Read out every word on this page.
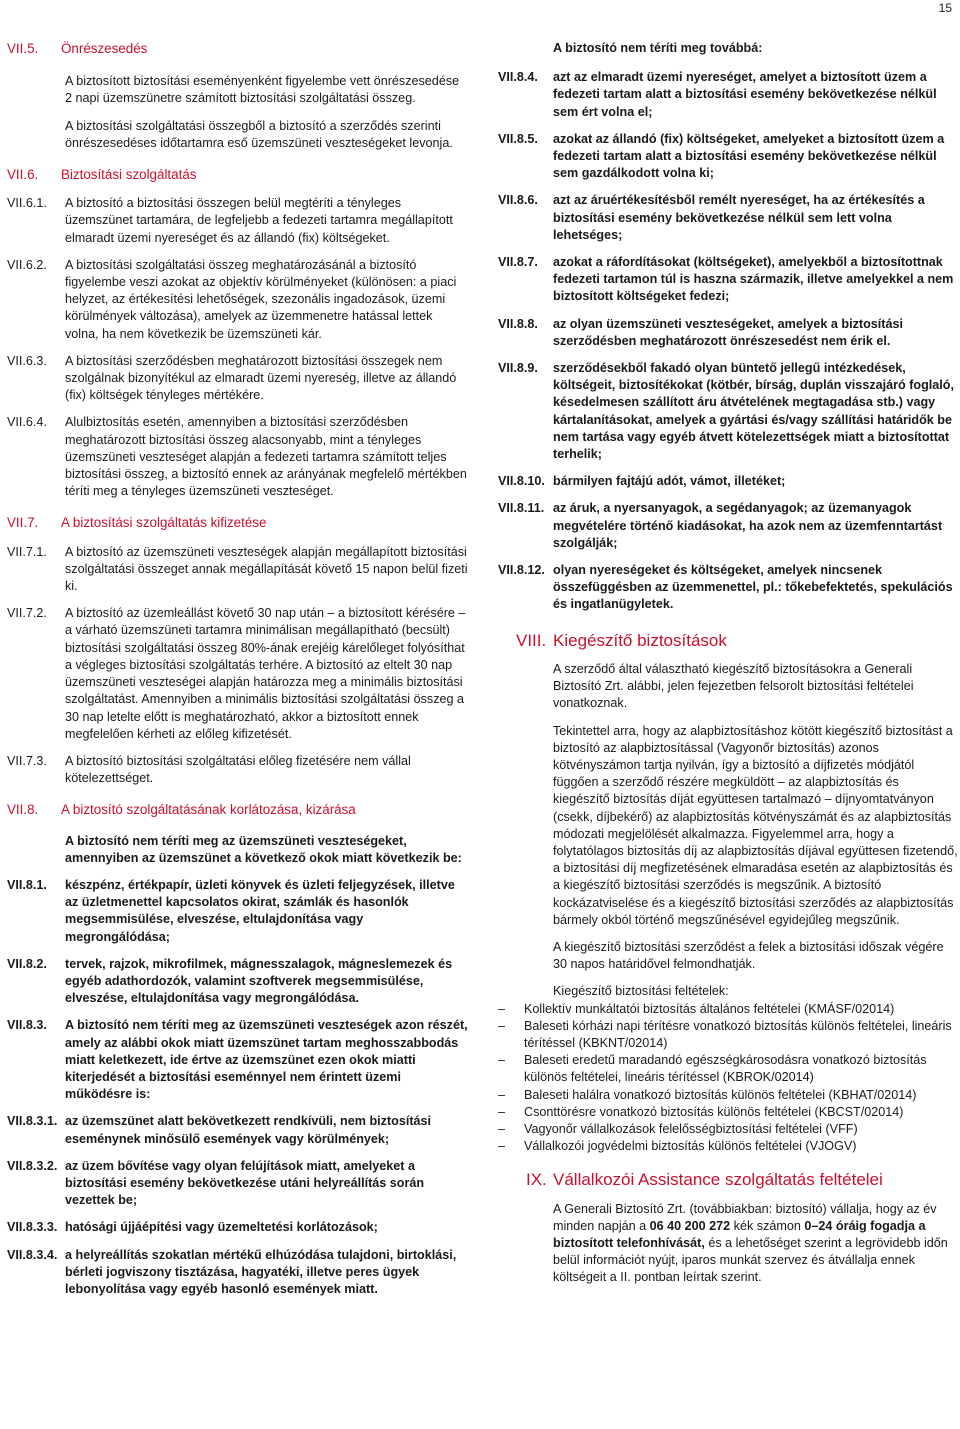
15
VII.5. Önrészesedés

A biztosított biztosítási eseményenként figyelembe vett önrészesedése 2 napi üzemszünetre számított biztosítási szolgáltatási összeg.

A biztosítási szolgáltatási összegből a biztosító a szerződés szerinti önrészesedéses időtartamra eső üzemszüneti veszteségeket levonja.

VII.6. Biztosítási szolgáltatás
VII.6.1.	A biztosító a biztosítási összegen belül megtéríti a tényleges üzemszünet tartamára, de legfeljebb a fedezeti tartamra megállapított elmaradt üzemi nyereséget és az állandó (fix) költségeket.
VII.6.2.	A biztosítási szolgáltatási összeg meghatározásánál a biztosító figyelembe veszi azokat az objektív körülményeket (különösen: a piaci helyzet, az értékesítési lehetőségek, szezonális ingadozások, üzemi körülmények változása), amelyek az üzemmenetre hatással lettek volna, ha nem következik be üzemszüneti kár.
VII.6.3.	A biztosítási szerződésben meghatározott biztosítási összegek nem szolgálnak bizonyítékul az elmaradt üzemi nyereség, illetve az állandó (fix) költségek tényleges mértékére.
VII.6.4.	Alulbiztosítás esetén, amennyiben a biztosítási szerződésben meghatározott biztosítási összeg alacsonyabb, mint a tényleges üzemszüneti veszteséget alapján a fedezeti tartamra számított teljes biztosítási összeg, a biztosító ennek az arányának megfelelő mértékben téríti meg a tényleges üzemszüneti veszteséget.
VII.7. A biztosítási szolgáltatás kifizetése
VII.7.1.	A biztosító az üzemszüneti veszteségek alapján megállapított biztosítási szolgáltatási összeget annak megállapítását követő 15 napon belül fizeti ki.
VII.7.2.	A biztosító az üzemleállást követő 30 nap után – a biztosított kérésére – a várható üzemszüneti tartamra minimálisan megállapítható (becsült) biztosítási szolgáltatási összeg 80%-ának erejéig kárelőleget folyósíthat a végleges biztosítási szolgáltatás terhére. A biztosító az eltelt 30 nap üzemszüneti veszteségei alapján határozza meg a minimális biztosítási szolgáltatást. Amennyiben a minimális biztosítási szolgáltatási összeg a 30 nap letelte előtt is meghatározható, akkor a biztosított ennek megfelelően kérheti az előleg kifizetését.
VII.7.3.	A biztosító biztosítási szolgáltatási előleg fizetésére nem vállal kötelezettséget.
VII.8. A biztosító szolgáltatásának korlátozása, kizárása

A biztosító nem téríti meg az üzemszüneti veszteségeket, amennyiben az üzemszünet a következő okok miatt következik be:

VII.8.1.	készpénz, értékpapír, üzleti könyvek és üzleti feljegyzések, illetve az üzletmenettel kapcsolatos okirat, számlák és hasonlók megsemmisülése, elveszése, eltulajdonítása vagy megrongálódása;
VII.8.2.	tervek, rajzok, mikrofilmek, mágnesszalagok, mágneslemezek és egyéb adathordozók, valamint szoftverek megsemmisülése, elveszése, eltulajdonítása vagy megrongálódása.
VII.8.3.	A biztosító nem téríti meg az üzemszüneti veszteségek azon részét, amely az alábbi okok miatt üzemszünet tartam meghosszabbodás miatt keletkezett, ide értve az üzemszünet ezen okok miatti kiterjedését a biztosítási eseménnyel nem érintett üzemi működésre is:
VII.8.3.1. az üzemszünet alatt bekövetkezett rendkívüli, nem biztosítási eseménynek minősülő események vagy körülmények;
VII.8.3.2. az üzem bővítése vagy olyan felújítások miatt, amelyeket a biztosítási esemény bekövetkezése utáni helyreállítás során vezettek be;
VII.8.3.3. hatósági újjáépítési vagy üzemeltetési korlátozások;
VII.8.3.4. a helyreállítás szokatlan mértékű elhúzódása tulajdoni, birtoklási, bérleti jogviszony tisztázása, hagyatéki, illetve peres ügyek lebonyolítása vagy egyéb hasonló események miatt.

A biztosító nem téríti meg továbbá:

VII.8.4.	azt az elmaradt üzemi nyereséget, amelyet a biztosított üzem a fedezeti tartam alatt a biztosítási esemény bekövetkezése nélkül sem ért volna el;
VII.8.5.	azokat az állandó (fix) költségeket, amelyeket a biztosított üzem a fedezeti tartam alatt a biztosítási esemény bekövetkezése nélkül sem gazdálkodott volna ki;
VII.8.6.	azt az áruértékesítésből remélt nyereséget, ha az értékesítés a biztosítási esemény bekövetkezése nélkül sem lett volna lehetséges;
VII.8.7.	azokat a ráfordításokat (költségeket), amelyekből a biztosítottnak fedezeti tartamon túl is haszna származik, illetve amelyekkel a nem biztosított költségeket fedezi;
VII.8.8.	az olyan üzemszüneti veszteségeket, amelyek a biztosítási szerződésben meghatározott önrészesedést nem érik el.
VII.8.9.	szerződésekből fakadó olyan büntető jellegű intézkedések, költségeit, biztosítékokat (kötbér, bírság, duplán visszajáró foglaló, késedelmesen szállított áru átvételének megtagadása stb.) vagy kártalanításokat, amelyek a gyártási és/vagy szállítási határidők be nem tartása vagy egyéb átvett kötelezettségek miatt a biztosítottat terhelik;
VII.8.10. bármilyen fajtájú adót, vámot, illetéket;
VII.8.11. az áruk, a nyersanyagok, a segédanyagok; az üzemanyagok megvételére történő kiadásokat, ha azok nem az üzemfenntartást szolgálják;
VII.8.12. olyan nyereségeket és költségeket, amelyek nincsenek összefüggésben az üzemmenettel, pl.: tőkebefektetés, spekulációs és ingatlanügyletek.
VIII. Kiegészítő biztosítások

A szerződő által választható kiegészítő biztosításokra a Generali Biztosító Zrt. alábbi, jelen fejezetben felsorolt biztosítási feltételei vonatkoznak.

Tekintettel arra, hogy az alapbiztosításhoz kötött kiegészítő biztosítást a biztosító az alapbiztosítással (Vagyonőr biztosítás) azonos kötvényszámon tartja nyilván, így a biztosító a díjfizetés módjától függően a szerződő részére megküldött – az alapbiztosítás és kiegészítő biztosítás díját együttesen tartalmazó – díjnyomtatványon (csekk, díjbekérő) az alapbiztosítás kötvényszámát és az alapbiztosítás módozati megjelölését alkalmazza. Figyelemmel arra, hogy a folytatólagos biztosítás díj az alapbiztosítás díjával együttesen fizetendő, a biztosítási díj megfizetésének elmaradása esetén az alapbiztosítás és a kiegészítő biztosítási szerződés is megszűnik. A biztosító kockázatviselése és a kiegészítő biztosítási szerződés az alapbiztosítás bármely okból történő megszűnésével egyidejűleg megszűnik.

A kiegészítő biztosítási szerződést a felek a biztosítási időszak végére 30 napos határidővel felmondhatják.

Kiegészítő biztosítási feltételek:

–	Kollektív munkáltatói biztosítás általános feltételei (KMÁSF/02014)
–	Baleseti kórházi napi térítésre vonatkozó biztosítás különös feltételei, lineáris térítéssel (KBKNT/02014)
–	Baleseti eredetű maradandó egészségkárosodásra vonatkozó biztosítás különös feltételei, lineáris térítéssel (KBROK/02014)
–	Baleseti halálra vonatkozó biztosítás különös feltételei (KBHAT/02014)
–	Csonttörésre vonatkozó biztosítás különös feltételei (KBCST/02014)
–	Vagyonőr vállalkozások felelősségbiztosítási feltételei (VFF)
–	Vállalkozói jogvédelmi biztosítás különös feltételei (VJOGV)
IX. Vállalkozói Assistance szolgáltatás feltételei

A Generali Biztosító Zrt. (továbbiakban: biztosító) vállalja, hogy az év minden napján a 06 40 200 272 kék számon 0–24 óráig fogadja a biztosított telefonhívását, és a lehetőséget szerint a legrövidebb időn belül információt nyújt, iparos munkát szervez és átvállalja ennek költségeit a II. pontban leírtak szerint.
